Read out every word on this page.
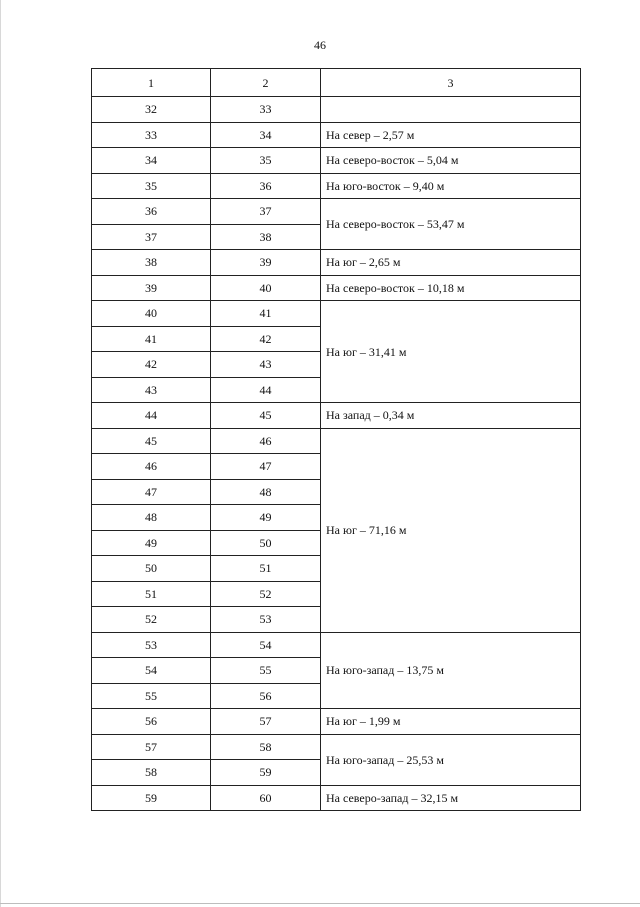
46
1	2	3
32	33	
33	34	На север – 2,57 м
34	35	На северо-восток – 5,04 м
35	36	На юго-восток – 9,40 м
36	37	На северо-восток – 53,47 м
37	38	
38	39	На юг – 2,65 м
39	40	На северо-восток – 10,18 м
40	41	На юг – 31,41 м
41	42	
42	43	
43	44	
44	45	На запад – 0,34 м
45	46	На юг – 71,16 м
46	47	
47	48	
48	49	
49	50	
50	51	
51	52	
52	53	
53	54	На юго-запад – 13,75 м
54	55	
55	56	
56	57	На юг – 1,99 м
57	58	На юго-запад – 25,53 м
58	59	
59	60	На северо-запад – 32,15 м
